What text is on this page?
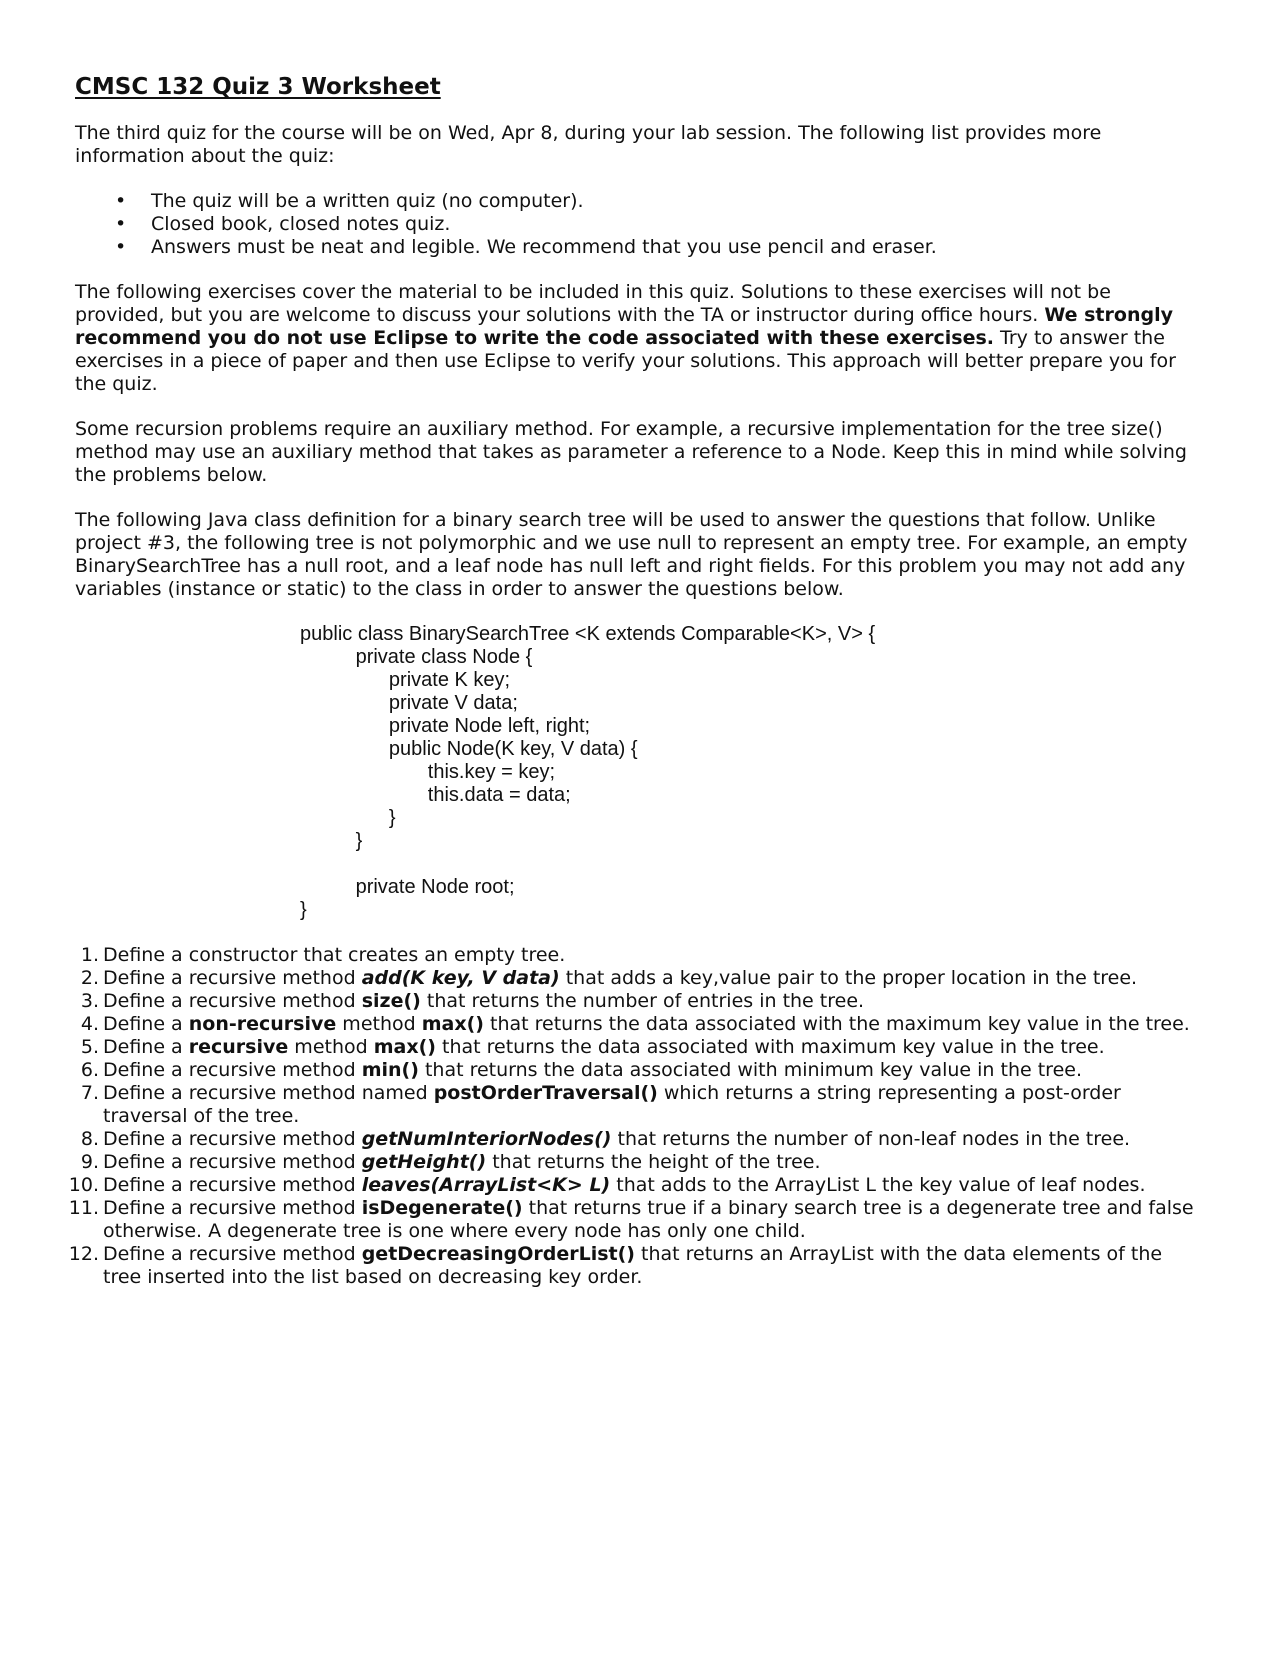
CMSC 132 Quiz 3 Worksheet

The third quiz for the course will be on Wed, Apr 8, during your lab session. The following list provides more information about the quiz:

• The quiz will be a written quiz (no computer).
• Closed book, closed notes quiz.
• Answers must be neat and legible. We recommend that you use pencil and eraser.

The following exercises cover the material to be included in this quiz. Solutions to these exercises will not be provided, but you are welcome to discuss your solutions with the TA or instructor during office hours. We strongly recommend you do not use Eclipse to write the code associated with these exercises. Try to answer the exercises in a piece of paper and then use Eclipse to verify your solutions. This approach will better prepare you for the quiz.

Some recursion problems require an auxiliary method. For example, a recursive implementation for the tree size() method may use an auxiliary method that takes as parameter a reference to a Node. Keep this in mind while solving the problems below.

The following Java class definition for a binary search tree will be used to answer the questions that follow. Unlike project #3, the following tree is not polymorphic and we use null to represent an empty tree. For example, an empty BinarySearchTree has a null root, and a leaf node has null left and right fields. For this problem you may not add any variables (instance or static) to the class in order to answer the questions below.

public class BinarySearchTree <K extends Comparable<K>, V> {
private class Node {
private K key;
private V data;
private Node left, right;
public Node(K key, V data) {
this.key = key;
this.data = data;
}
}
private Node root;
}
1. Define a constructor that creates an empty tree.
2. Define a recursive method add(K key, V data) that adds a key,value pair to the proper location in the tree.
3. Define a recursive method size() that returns the number of entries in the tree.
4. Define a non-recursive method max() that returns the data associated with the maximum key value in the tree.
5. Define a recursive method max() that returns the data associated with maximum key value in the tree.
6. Define a recursive method min() that returns the data associated with minimum key value in the tree.
7. Define a recursive method named postOrderTraversal() which returns a string representing a post-order traversal of the tree.
8. Define a recursive method getNumInteriorNodes() that returns the number of non-leaf nodes in the tree.
9. Define a recursive method getHeight() that returns the height of the tree.
10. Define a recursive method leaves(ArrayList<K> L) that adds to the ArrayList L the key value of leaf nodes.
11. Define a recursive method isDegenerate() that returns true if a binary search tree is a degenerate tree and false otherwise. A degenerate tree is one where every node has only one child.
12. Define a recursive method getDecreasingOrderList() that returns an ArrayList with the data elements of the tree inserted into the list based on decreasing key order.
